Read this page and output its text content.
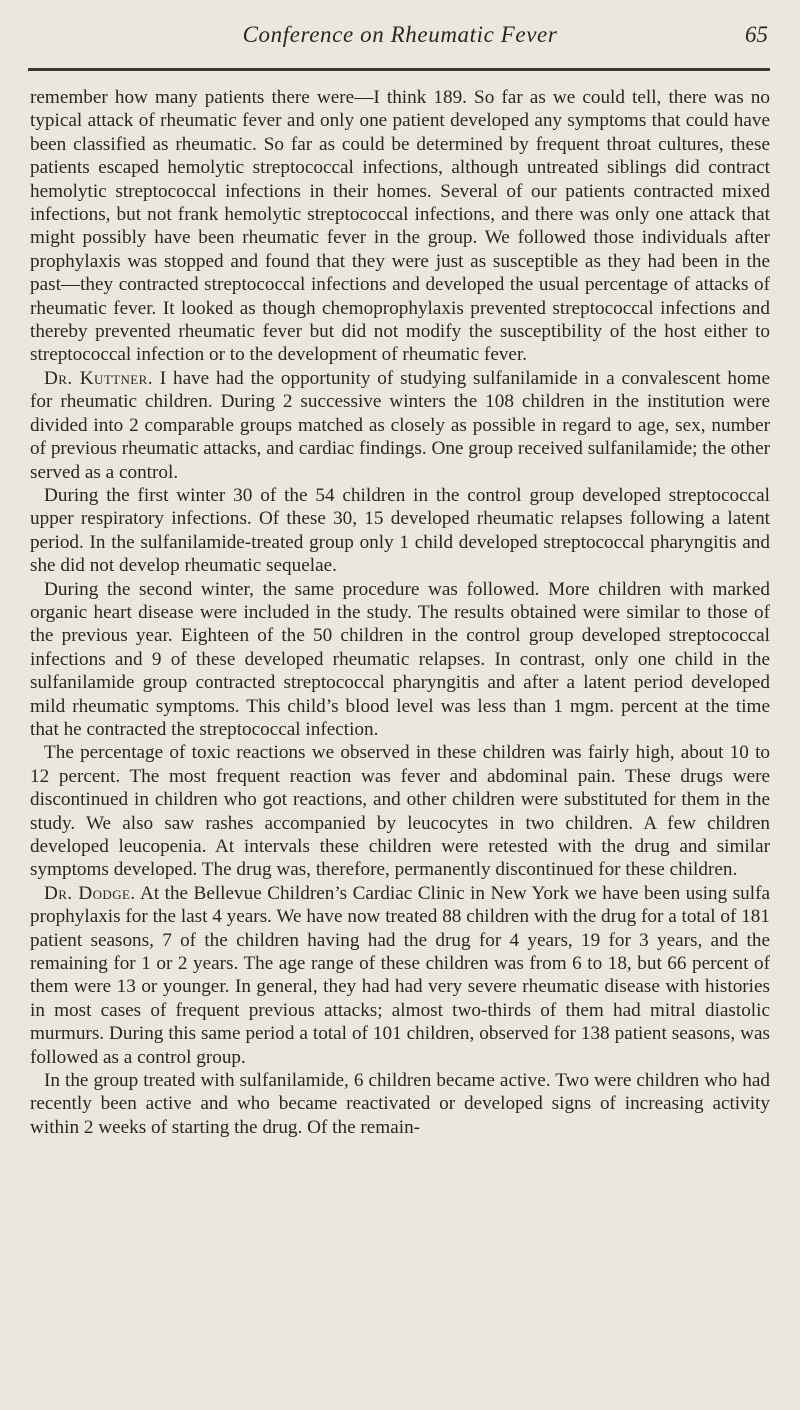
Conference on Rheumatic Fever	65

remember how many patients there were—I think 189. So far as we could tell, there was no typical attack of rheumatic fever and only one patient developed any symptoms that could have been classified as rheumatic. So far as could be determined by frequent throat cultures, these patients escaped hemolytic streptococcal infections, although untreated siblings did contract hemolytic streptococcal infections in their homes. Several of our patients contracted mixed infections, but not frank hemolytic streptococcal infections, and there was only one attack that might possibly have been rheumatic fever in the group. We followed those individuals after prophylaxis was stopped and found that they were just as susceptible as they had been in the past—they contracted streptococcal infections and developed the usual percentage of attacks of rheumatic fever. It looked as though chemoprophylaxis prevented streptococcal infections and thereby prevented rheumatic fever but did not modify the susceptibility of the host either to streptococcal infection or to the development of rheumatic fever.

Dr. Kuttner. I have had the opportunity of studying sulfanilamide in a convalescent home for rheumatic children. During 2 successive winters the 108 children in the institution were divided into 2 comparable groups matched as closely as possible in regard to age, sex, number of previous rheumatic attacks, and cardiac findings. One group received sulfanilamide; the other served as a control.

During the first winter 30 of the 54 children in the control group developed streptococcal upper respiratory infections. Of these 30, 15 developed rheumatic relapses following a latent period. In the sulfanilamide-treated group only 1 child developed streptococcal pharyngitis and she did not develop rheumatic sequelae.

During the second winter, the same procedure was followed. More children with marked organic heart disease were included in the study. The results obtained were similar to those of the previous year. Eighteen of the 50 children in the control group developed streptococcal infections and 9 of these developed rheumatic relapses. In contrast, only one child in the sulfanilamide group contracted streptococcal pharyngitis and after a latent period developed mild rheumatic symptoms. This child’s blood level was less than 1 mgm. percent at the time that he contracted the streptococcal infection.

The percentage of toxic reactions we observed in these children was fairly high, about 10 to 12 percent. The most frequent reaction was fever and abdominal pain. These drugs were discontinued in children who got reactions, and other children were substituted for them in the study. We also saw rashes accompanied by leucocytes in two children. A few children developed leucopenia. At intervals these children were retested with the drug and similar symptoms developed. The drug was, therefore, permanently discontinued for these children.

Dr. Dodge. At the Bellevue Children’s Cardiac Clinic in New York we have been using sulfa prophylaxis for the last 4 years. We have now treated 88 children with the drug for a total of 181 patient seasons, 7 of the children having had the drug for 4 years, 19 for 3 years, and the remaining for 1 or 2 years. The age range of these children was from 6 to 18, but 66 percent of them were 13 or younger. In general, they had had very severe rheumatic disease with histories in most cases of frequent previous attacks; almost two-thirds of them had mitral diastolic murmurs. During this same period a total of 101 children, observed for 138 patient seasons, was followed as a control group.

In the group treated with sulfanilamide, 6 children became active. Two were children who had recently been active and who became reactivated or developed signs of increasing activity within 2 weeks of starting the drug. Of the remain-
